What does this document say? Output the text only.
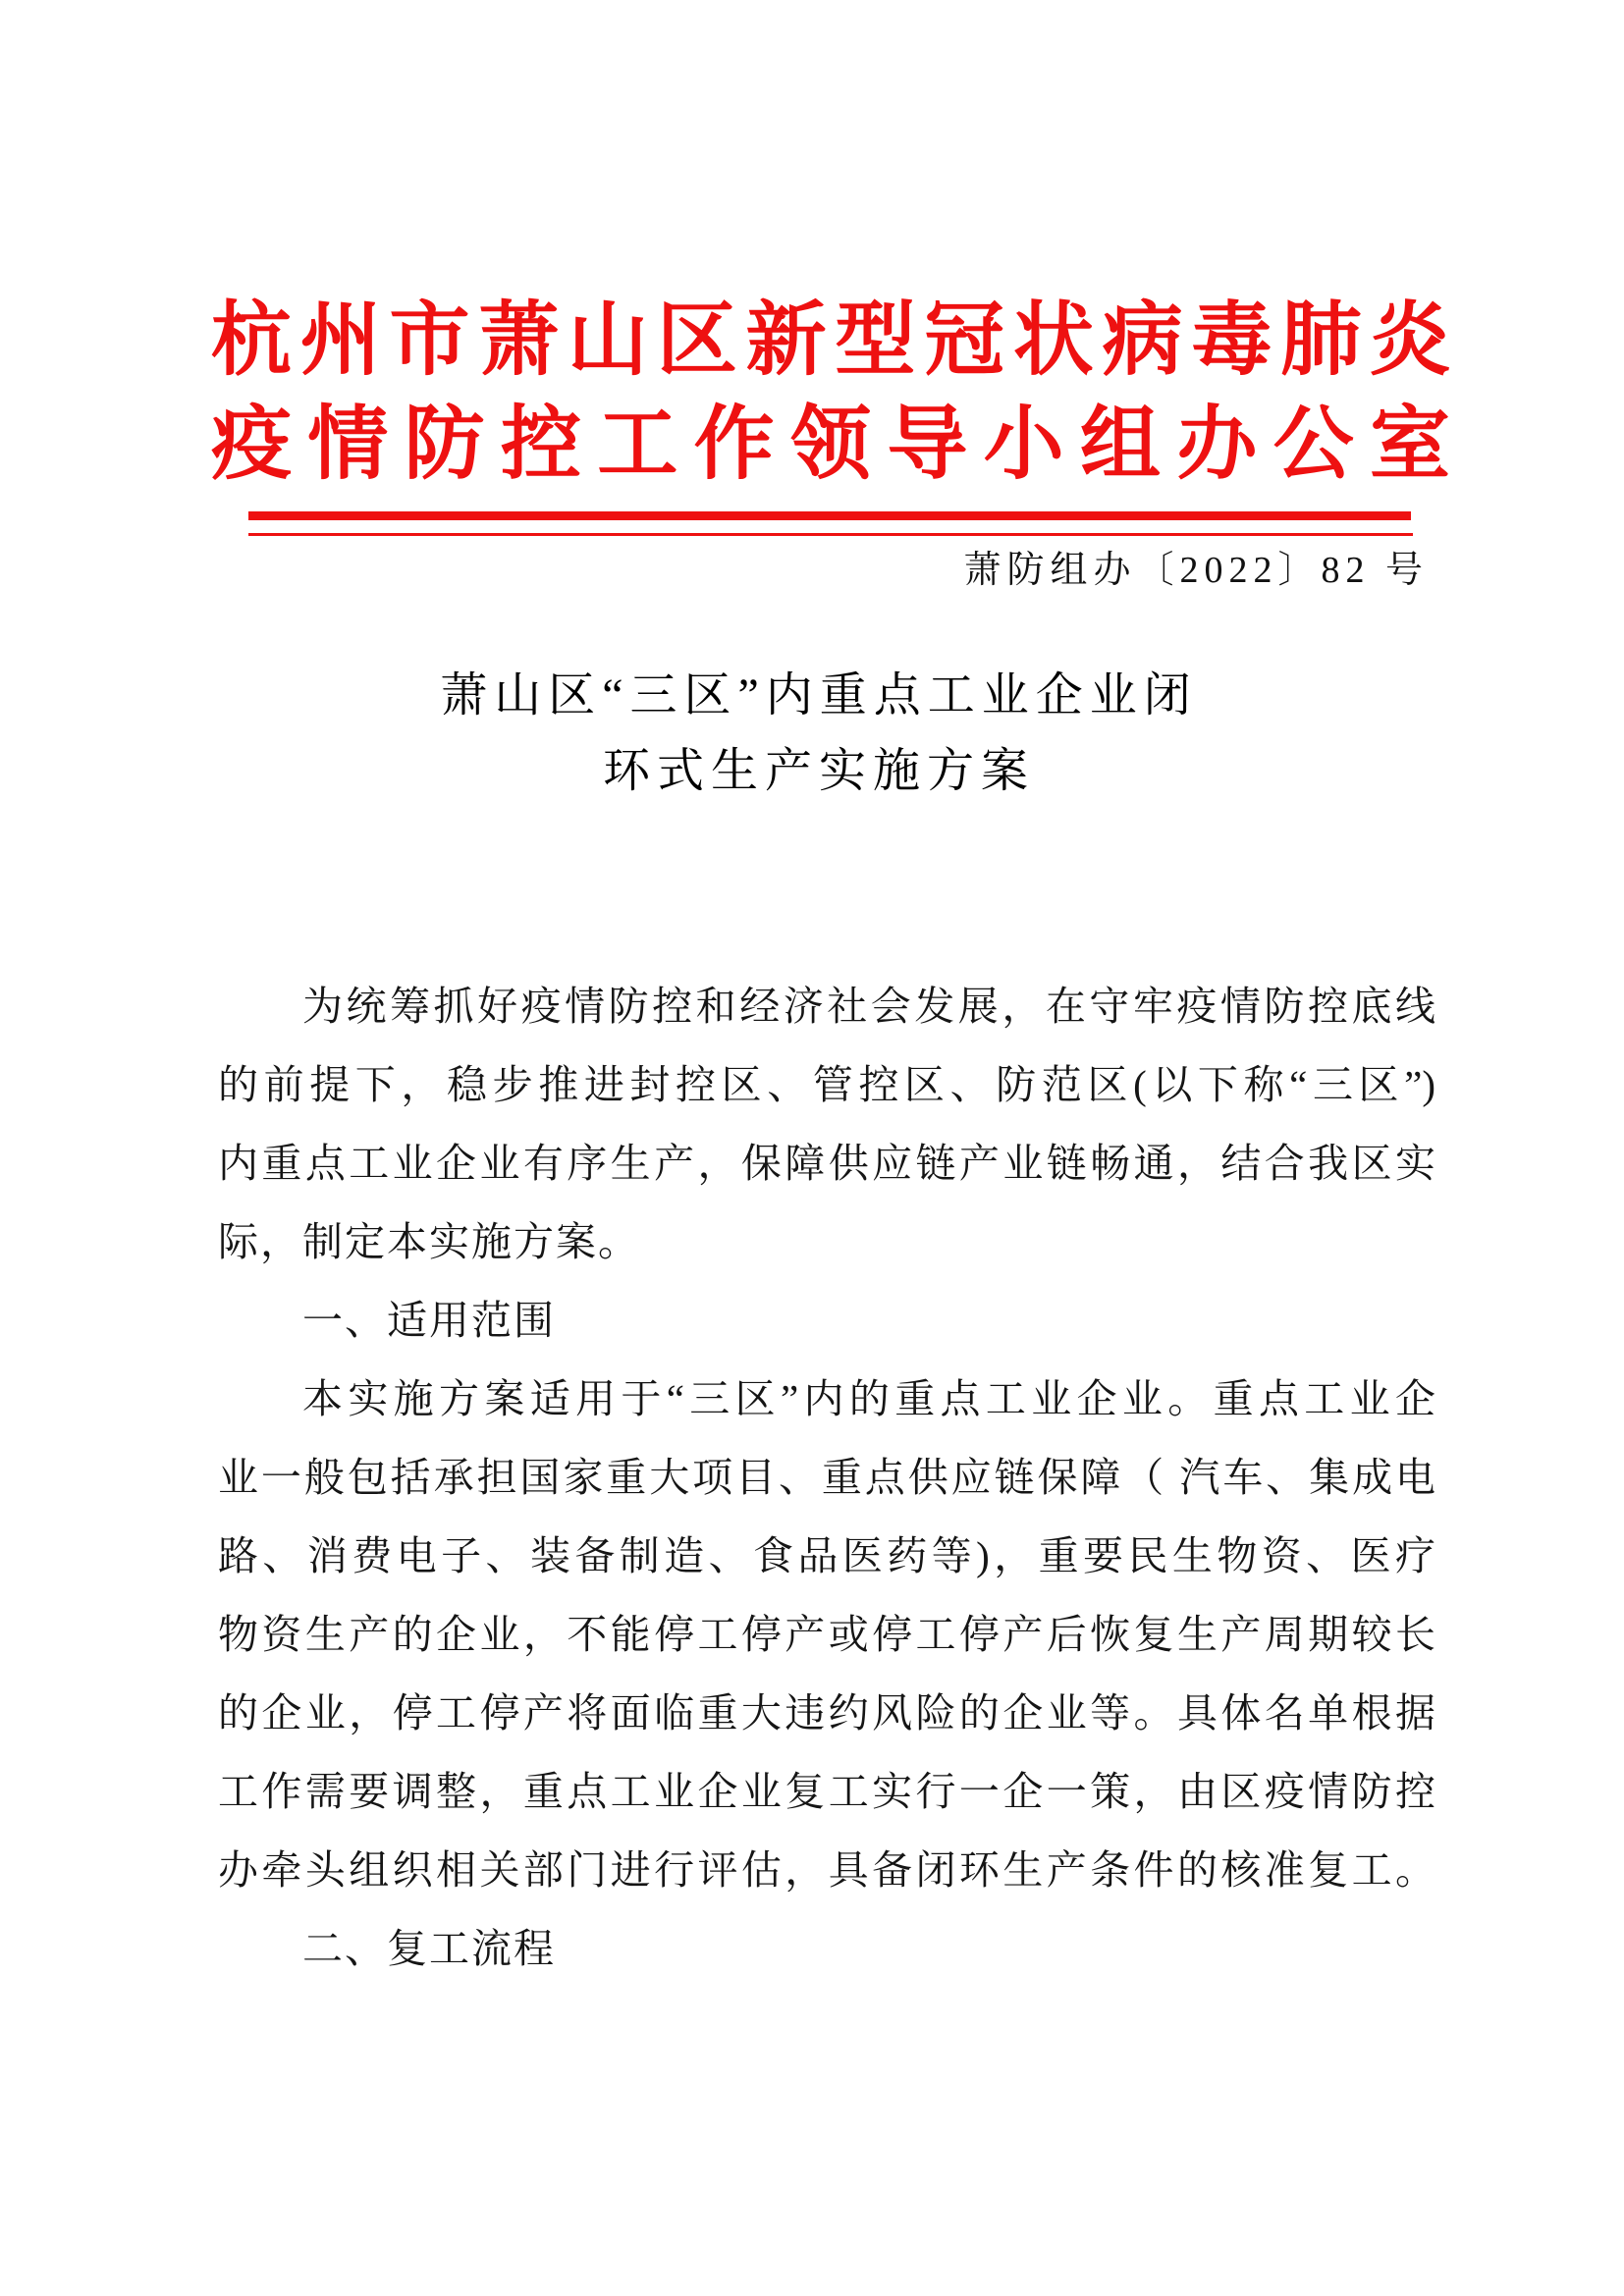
杭州市萧山区新型冠状病毒肺炎
疫情防控工作领导小组办公室
萧防组办〔2022〕82 号
萧山区“三区”内重点工业企业闭
环式生产实施方案
为统筹抓好疫情防控和经济社会发展，在守牢疫情防控底线
的前提下，稳步推进封控区、管控区、防范区(以下称“三区”)
内重点工业企业有序生产，保障供应链产业链畅通，结合我区实
际，制定本实施方案。
一、适用范围
本实施方案适用于“三区”内的重点工业企业。重点工业企
业一般包括承担国家重大项目、重点供应链保障（ 汽车、集成电
路、消费电子、装备制造、食品医药等)，重要民生物资、医疗
物资生产的企业，不能停工停产或停工停产后恢复生产周期较长
的企业，停工停产将面临重大违约风险的企业等。具体名单根据
工作需要调整，重点工业企业复工实行一企一策，由区疫情防控
办牵头组织相关部门进行评估，具备闭环生产条件的核准复工。
二、复工流程
